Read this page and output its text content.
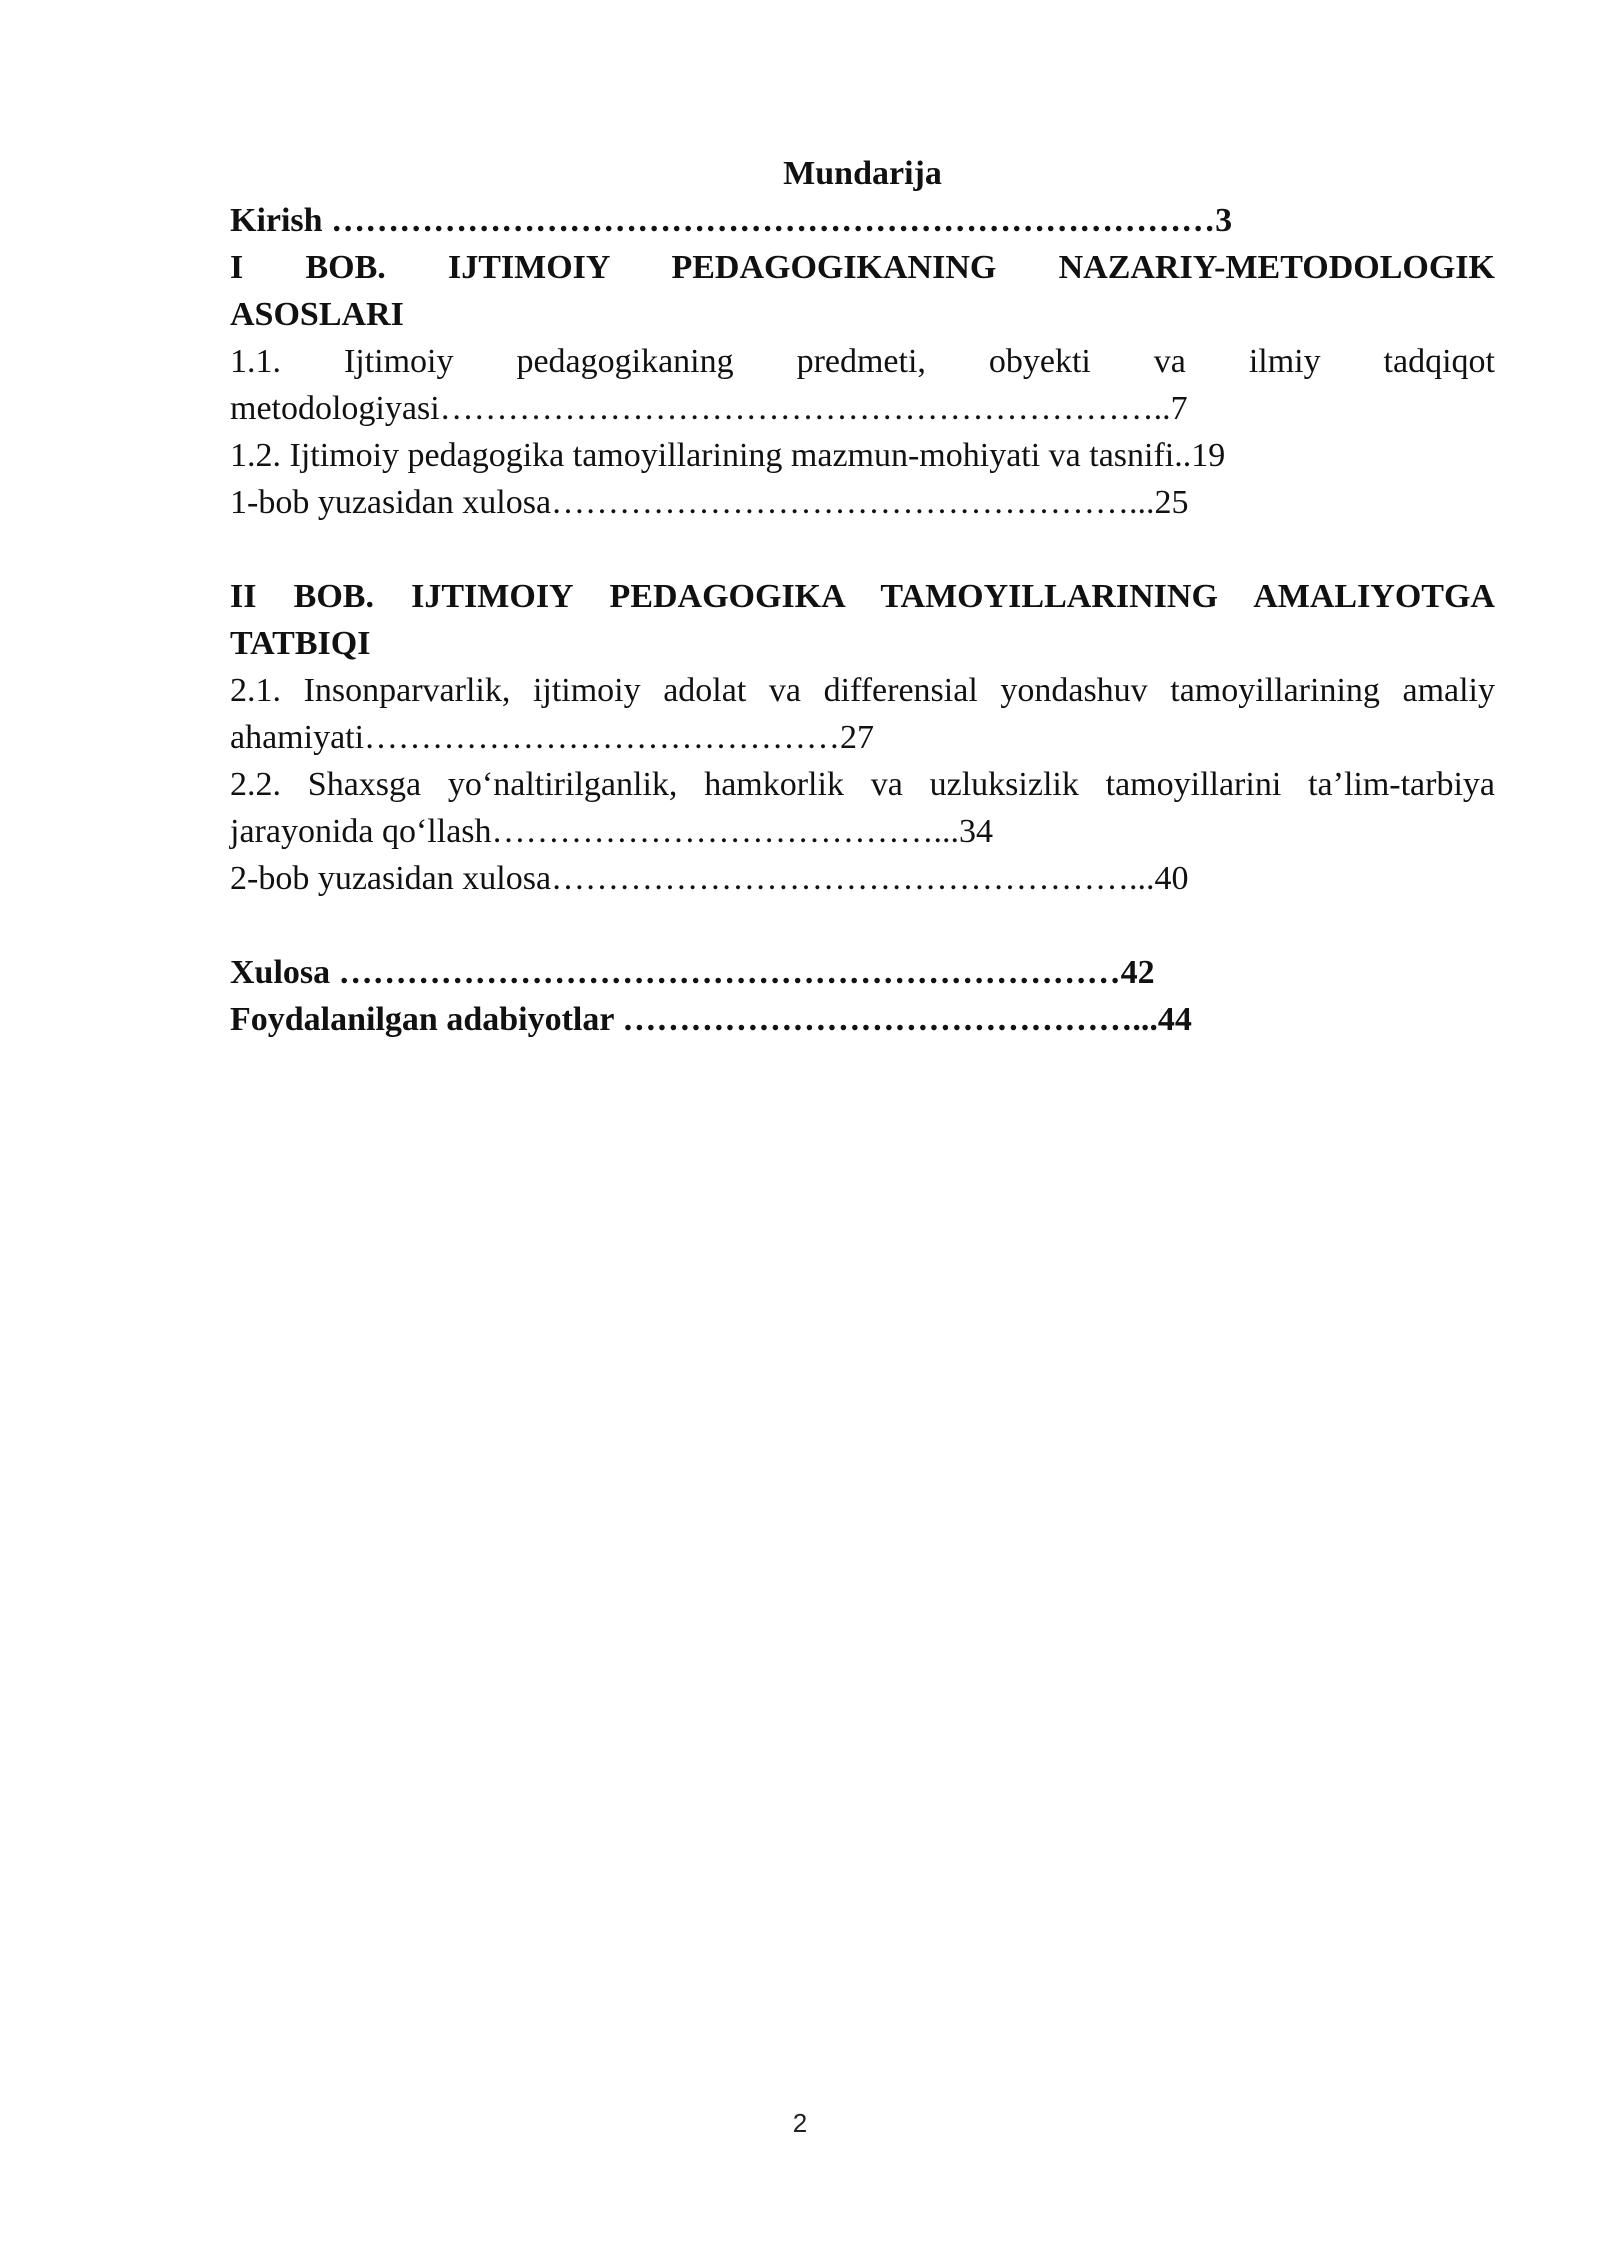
Mundarija
Kirish ……………………………………………………………………3
I BOB. IJTIMOIY PEDAGOGIKANING NAZARIY-METODOLOGIK
ASOSLARI
1.1. Ijtimoiy pedagogikaning predmeti, obyekti va ilmiy tadqiqot
metodologiyasi………………………………………………………..7
1.2. Ijtimoiy pedagogika tamoyillarining mazmun-mohiyati va tasnifi..19
1-bob yuzasidan xulosa……………………………………………...25
II BOB. IJTIMOIY PEDAGOGIKA TAMOYILLARINING AMALIYOTGA
TATBIQI
2.1. Insonparvarlik, ijtimoiy adolat va differensial yondashuv tamoyillarining amaliy
ahamiyati……………………………………27
2.2. Shaxsga yo‘naltirilganlik, hamkorlik va uzluksizlik tamoyillarini ta’lim-tarbiya
jarayonida qo‘llash…………………………………...34
2-bob yuzasidan xulosa……………………………………………...40
Xulosa ……………………………………………………………42
Foydalanilgan adabiyotlar ………………………………………...44
2
